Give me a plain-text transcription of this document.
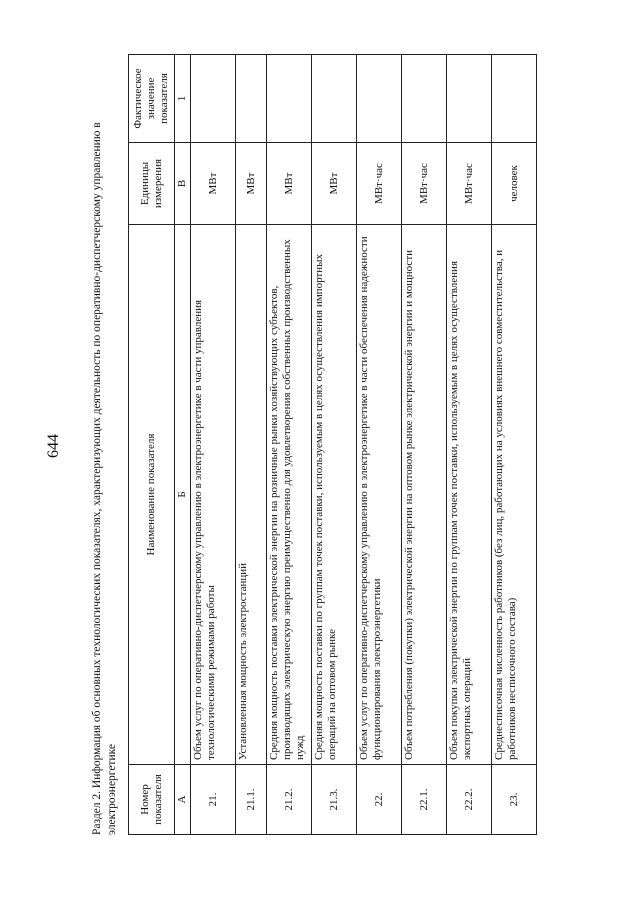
644	Раздел 2. Информация об основных технологических показателях, характеризующих деятельность по оперативно-диспетчерскому управлению в электроэнергетике Номер показателя	Наименование показателя	Единицы измерения	Фактическое значение показателя
А	Б	В	1
21.	Объем услуг по оперативно-диспетчерскому управлению в электроэнергетике в части управления технологическими режимами работы	МВт	
21.1.	Установленная мощность электростанций	МВт	
21.2.	Средняя мощность поставки электрической энергии на розничные рынки хозяйствующих субъектов, производящих электрическую энергию преимущественно для удовлетворения собственных производственных нужд	МВт	
21.3.	Средняя мощность поставки по группам точек поставки, используемым в целях осуществления импортных операций на оптовом рынке	МВт	
22.	Объем услуг по оперативно-диспетчерскому управлению в электроэнергетике в части обеспечения надежности функционирования электроэнергетики	МВт·час	
22.1.	Объем потребления (покупки) электрической энергии на оптовом рынке электрической энергии и мощности	МВт·час	
22.2.	Объем покупки электрической энергии по группам точек поставки, используемым в целях осуществления экспортных операций	МВт·час	
23.	Среднесписочная численность работников (без лиц, работающих на условиях внешнего совместительства, и работников несписочного состава)	человек	
